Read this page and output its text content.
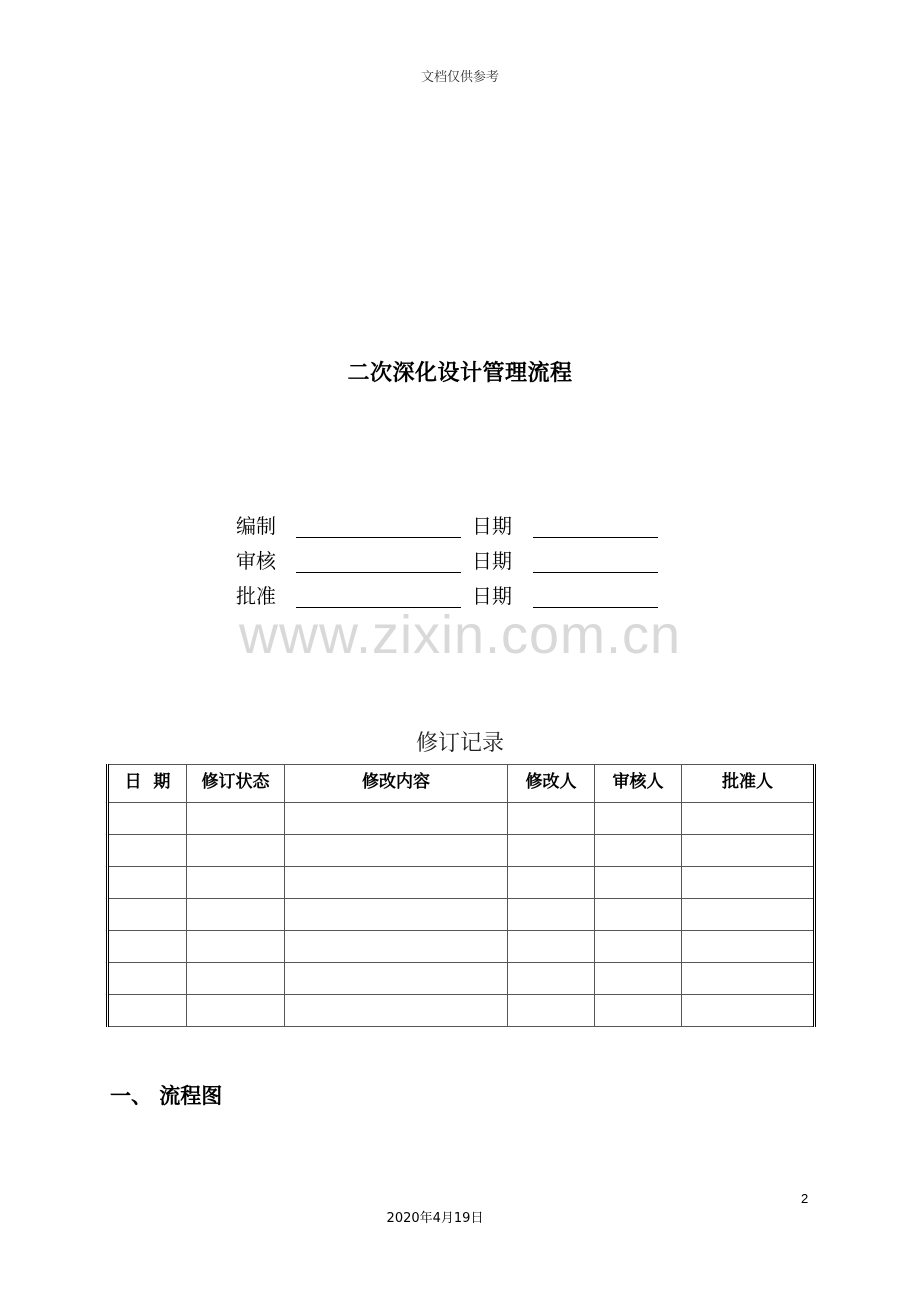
文档仅供参考
二次深化设计管理流程
编制	日期
审核	日期
批准	日期
www.zixin.com.cn
修订记录
日  期	修订状态	修改内容	修改人	审核人	批准人

一、 流程图
2
2020年4月19日
